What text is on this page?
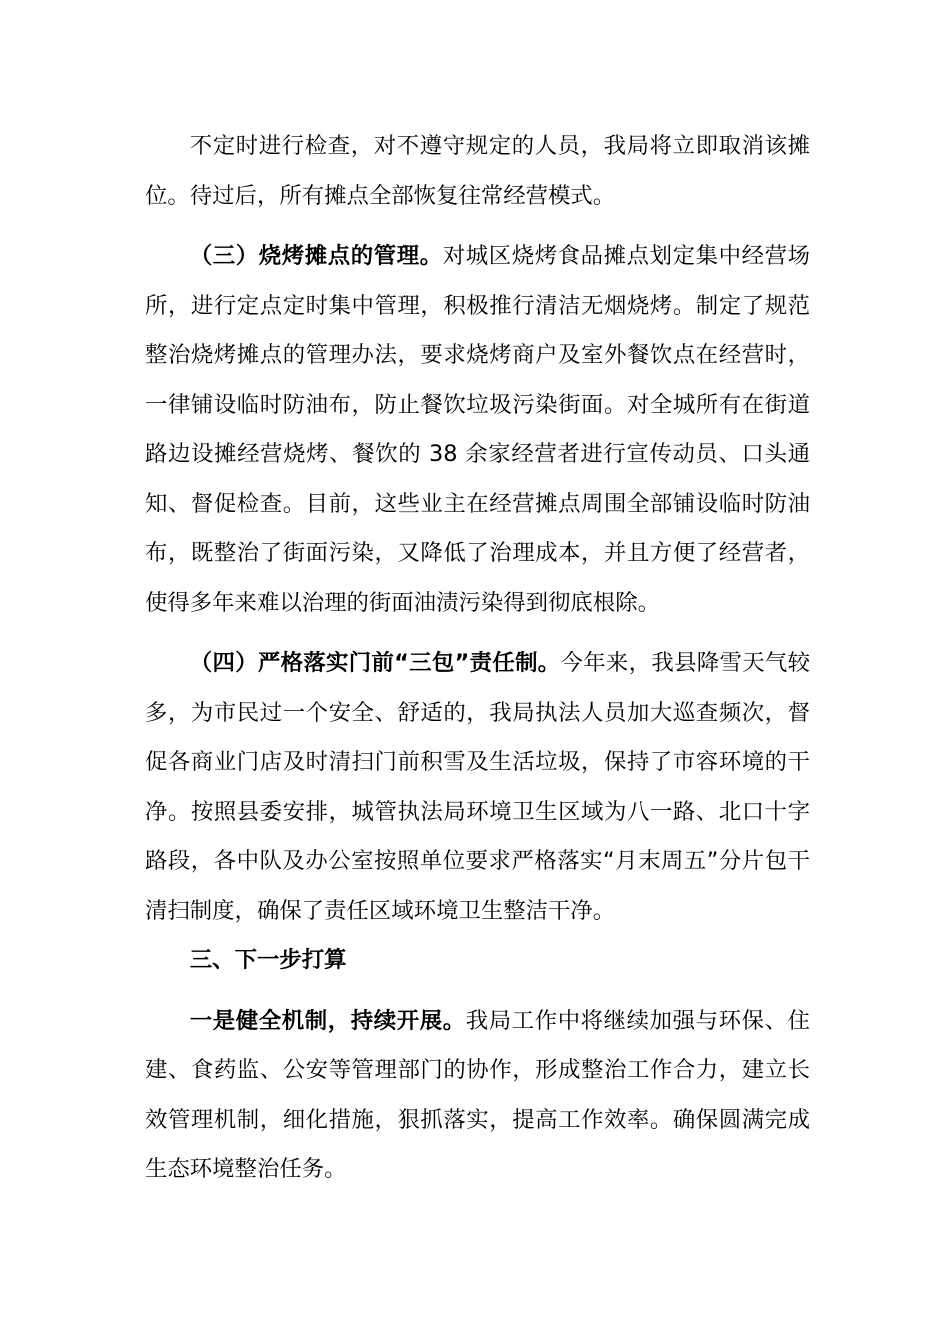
不定时进行检查，对不遵守规定的人员，我局将立即取消该摊位。待过后，所有摊点全部恢复往常经营模式。

（三）烧烤摊点的管理。对城区烧烤食品摊点划定集中经营场所，进行定点定时集中管理，积极推行清洁无烟烧烤。制定了规范整治烧烤摊点的管理办法，要求烧烤商户及室外餐饮点在经营时，一律铺设临时防油布，防止餐饮垃圾污染街面。对全城所有在街道路边设摊经营烧烤、餐饮的 38 余家经营者进行宣传动员、口头通知、督促检查。目前，这些业主在经营摊点周围全部铺设临时防油布，既整治了街面污染，又降低了治理成本，并且方便了经营者，使得多年来难以治理的街面油渍污染得到彻底根除。

（四）严格落实门前“三包”责任制。今年来，我县降雪天气较多，为市民过一个安全、舒适的，我局执法人员加大巡查频次，督促各商业门店及时清扫门前积雪及生活垃圾，保持了市容环境的干净。按照县委安排，城管执法局环境卫生区域为八一路、北口十字路段，各中队及办公室按照单位要求严格落实“月末周五”分片包干清扫制度，确保了责任区域环境卫生整洁干净。

三、下一步打算

一是健全机制，持续开展。我局工作中将继续加强与环保、住建、食药监、公安等管理部门的协作，形成整治工作合力，建立长效管理机制，细化措施，狠抓落实，提高工作效率。确保圆满完成生态环境整治任务。
